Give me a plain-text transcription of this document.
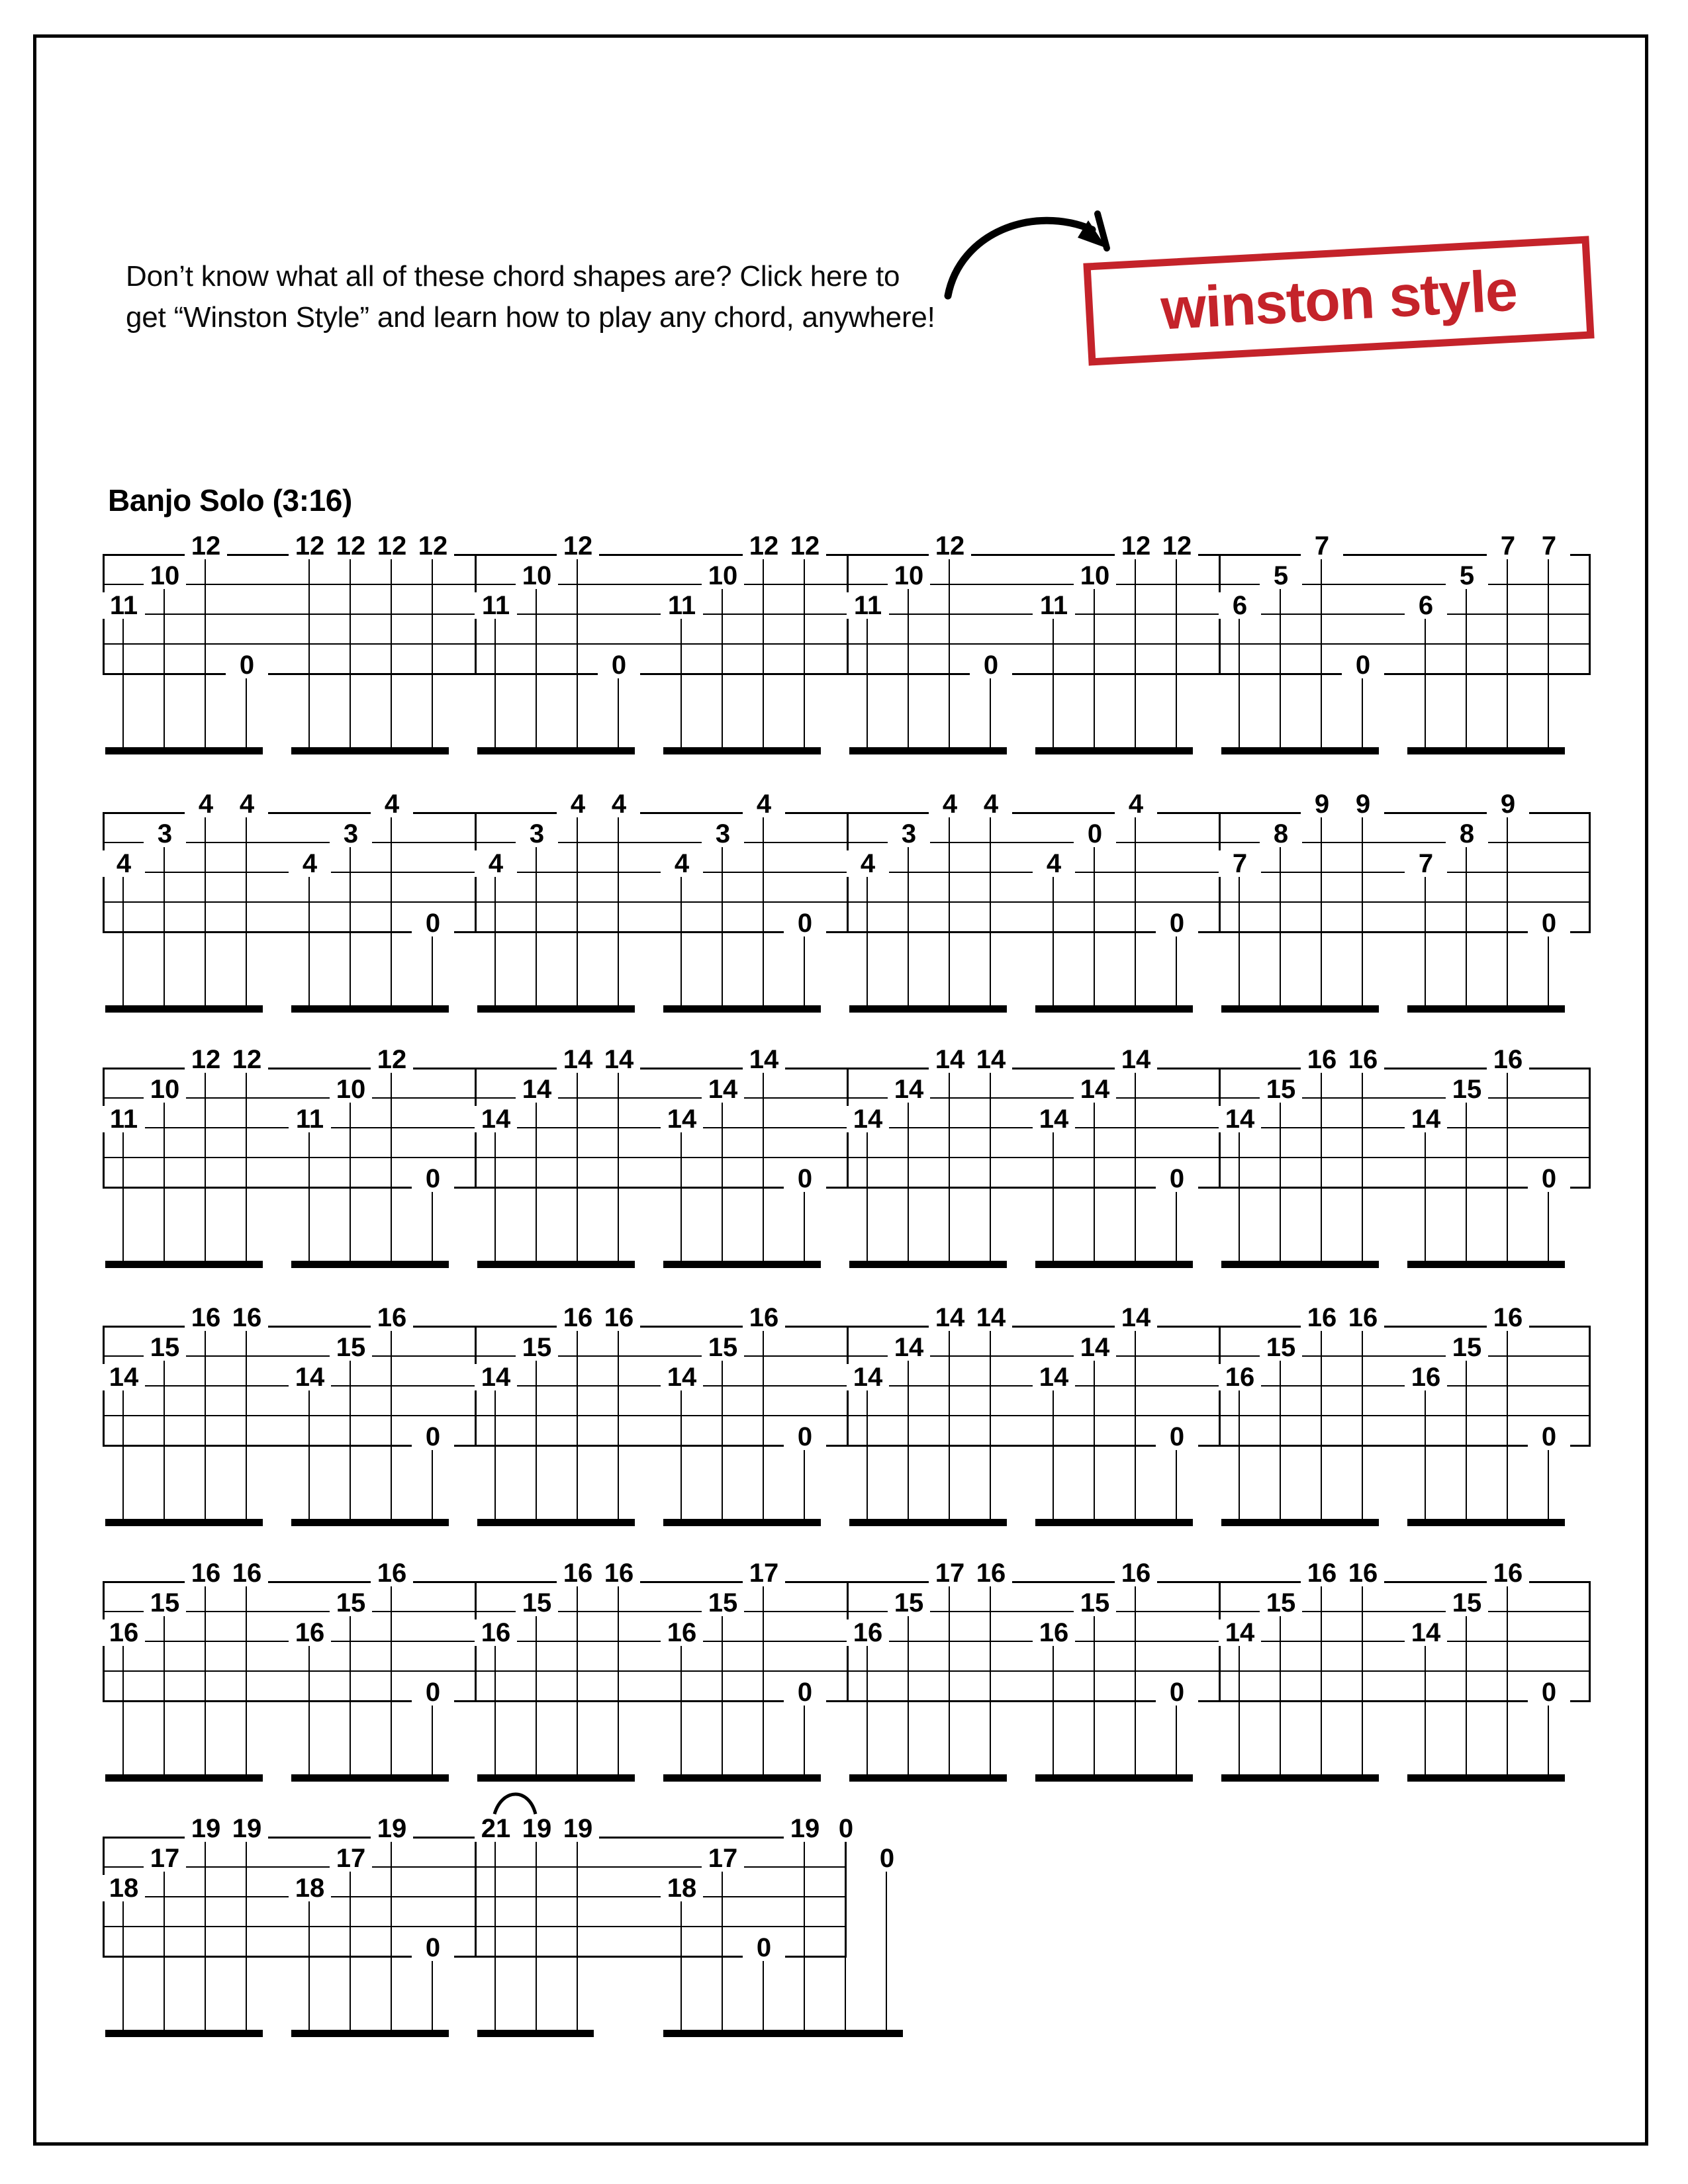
Don’t know what all of these chord shapes are? Click here to
get “Winston Style” and learn how to play any chord, anywhere!	winston style
Banjo Solo (3:16)
11
10
12
0
12 12 12 12
11
10
12
0
11
10
12 12
11
10
12
0
11
10
12 12
6
5
7
0
6
5
7 7
4
3
4 4
4
3
4
0
4
3
4 4
4
3
4
0
4
3
4 4
4
0
4
0
7
8
9 9
7
8
9
0
11
10
12 12
11
10
12
0
14
14
14 14
14
14
14
0
14
14
14 14
14
14
14
0
14
15
16 16
14
15
16
0
14
15
16 16
14
15
16
0
14
15
16 16
14
15
16
0
14
14
14 14
14
14
14
0
16
15
16 16
16
15
16
0
16
15
16 16
16
15
16
0
16
15
16 16
16
15
17
0
16
15
17 16
16
15
16
0
14
15
16 16
14
15
16
0
18
17
19 19
18
17
19
0
21 19 19
18
17
0
19 0
0
